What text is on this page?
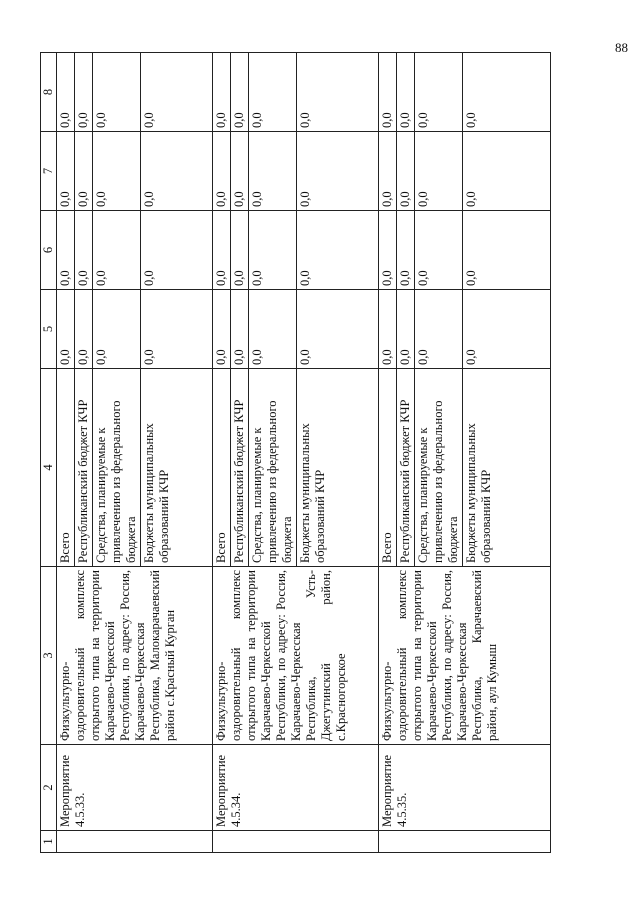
88
1	2	3	4	5	6	7	8
	Мероприятие 4.5.33.	Физкультурно-оздоровительный комплекс открытого типа на территории Карачаево-Черкесской Республики, по адресу: Россия, Карачаево-Черкесская Республика, Малокарачаевский район с.Красный Курган	Всего	0,0	0,0	0,0	0,0
			Республиканский бюджет КЧР	0,0	0,0	0,0	0,0
			Средства, планируемые к привлечению из федерального бюджета	0,0	0,0	0,0	0,0
			Бюджеты муниципальных образований КЧР	0,0	0,0	0,0	0,0
	Мероприятие 4.5.34.	Физкультурно-оздоровительный комплекс открытого типа на территории Карачаево-Черкесской Республики, по адресу: Россия, Карачаево-Черкесская Республика, Усть-Джегутинский район, с.Красногорское	Всего	0,0	0,0	0,0	0,0
			Республиканский бюджет КЧР	0,0	0,0	0,0	0,0
			Средства, планируемые к привлечению из федерального бюджета	0,0	0,0	0,0	0,0
			Бюджеты муниципальных образований КЧР	0,0	0,0	0,0	0,0
	Мероприятие 4.5.35.	Физкультурно-оздоровительный комплекс открытого типа на территории Карачаево-Черкесской Республики, по адресу: Россия, Карачаево-Черкесская Республика, Карачаевский район, аул Кумыш	Всего	0,0	0,0	0,0	0,0
			Республиканский бюджет КЧР	0,0	0,0	0,0	0,0
			Средства, планируемые к привлечению из федерального бюджета	0,0	0,0	0,0	0,0
			Бюджеты муниципальных образований КЧР	0,0	0,0	0,0	0,0
